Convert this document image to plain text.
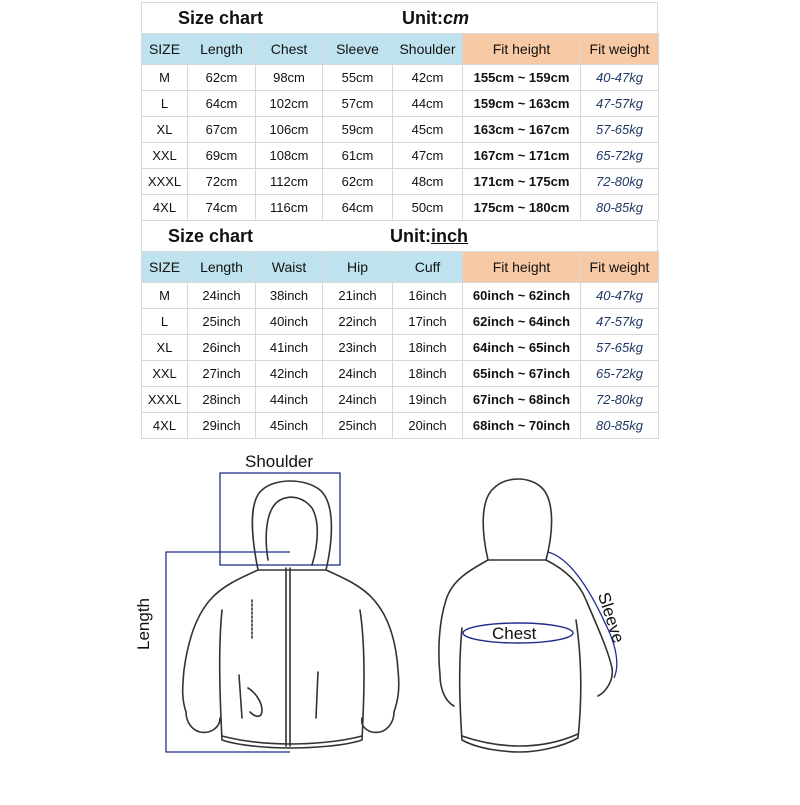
Size chart	Unit:cm
SIZE	Length	Chest	Sleeve	Shoulder	Fit height	Fit weight
M	62cm	98cm	55cm	42cm	155cm ~ 159cm	40-47kg
L	64cm	102cm	57cm	44cm	159cm ~ 163cm	47-57kg
XL	67cm	106cm	59cm	45cm	163cm ~ 167cm	57-65kg
XXL	69cm	108cm	61cm	47cm	167cm ~ 171cm	65-72kg
XXXL	72cm	112cm	62cm	48cm	171cm ~ 175cm	72-80kg
4XL	74cm	116cm	64cm	50cm	175cm ~ 180cm	80-85kg
Size chart	Unit:inch
SIZE	Length	Waist	Hip	Cuff	Fit height	Fit weight
M	24inch	38inch	21inch	16inch	60inch ~ 62inch	40-47kg
L	25inch	40inch	22inch	17inch	62inch ~ 64inch	47-57kg
XL	26inch	41inch	23inch	18inch	64inch ~ 65inch	57-65kg
XXL	27inch	42inch	24inch	18inch	65inch ~ 67inch	65-72kg
XXXL	28inch	44inch	24inch	19inch	67inch ~ 68inch	72-80kg
4XL	29inch	45inch	25inch	20inch	68inch ~ 70inch	80-85kg
Shoulder
Length	Chest	Sleeve
